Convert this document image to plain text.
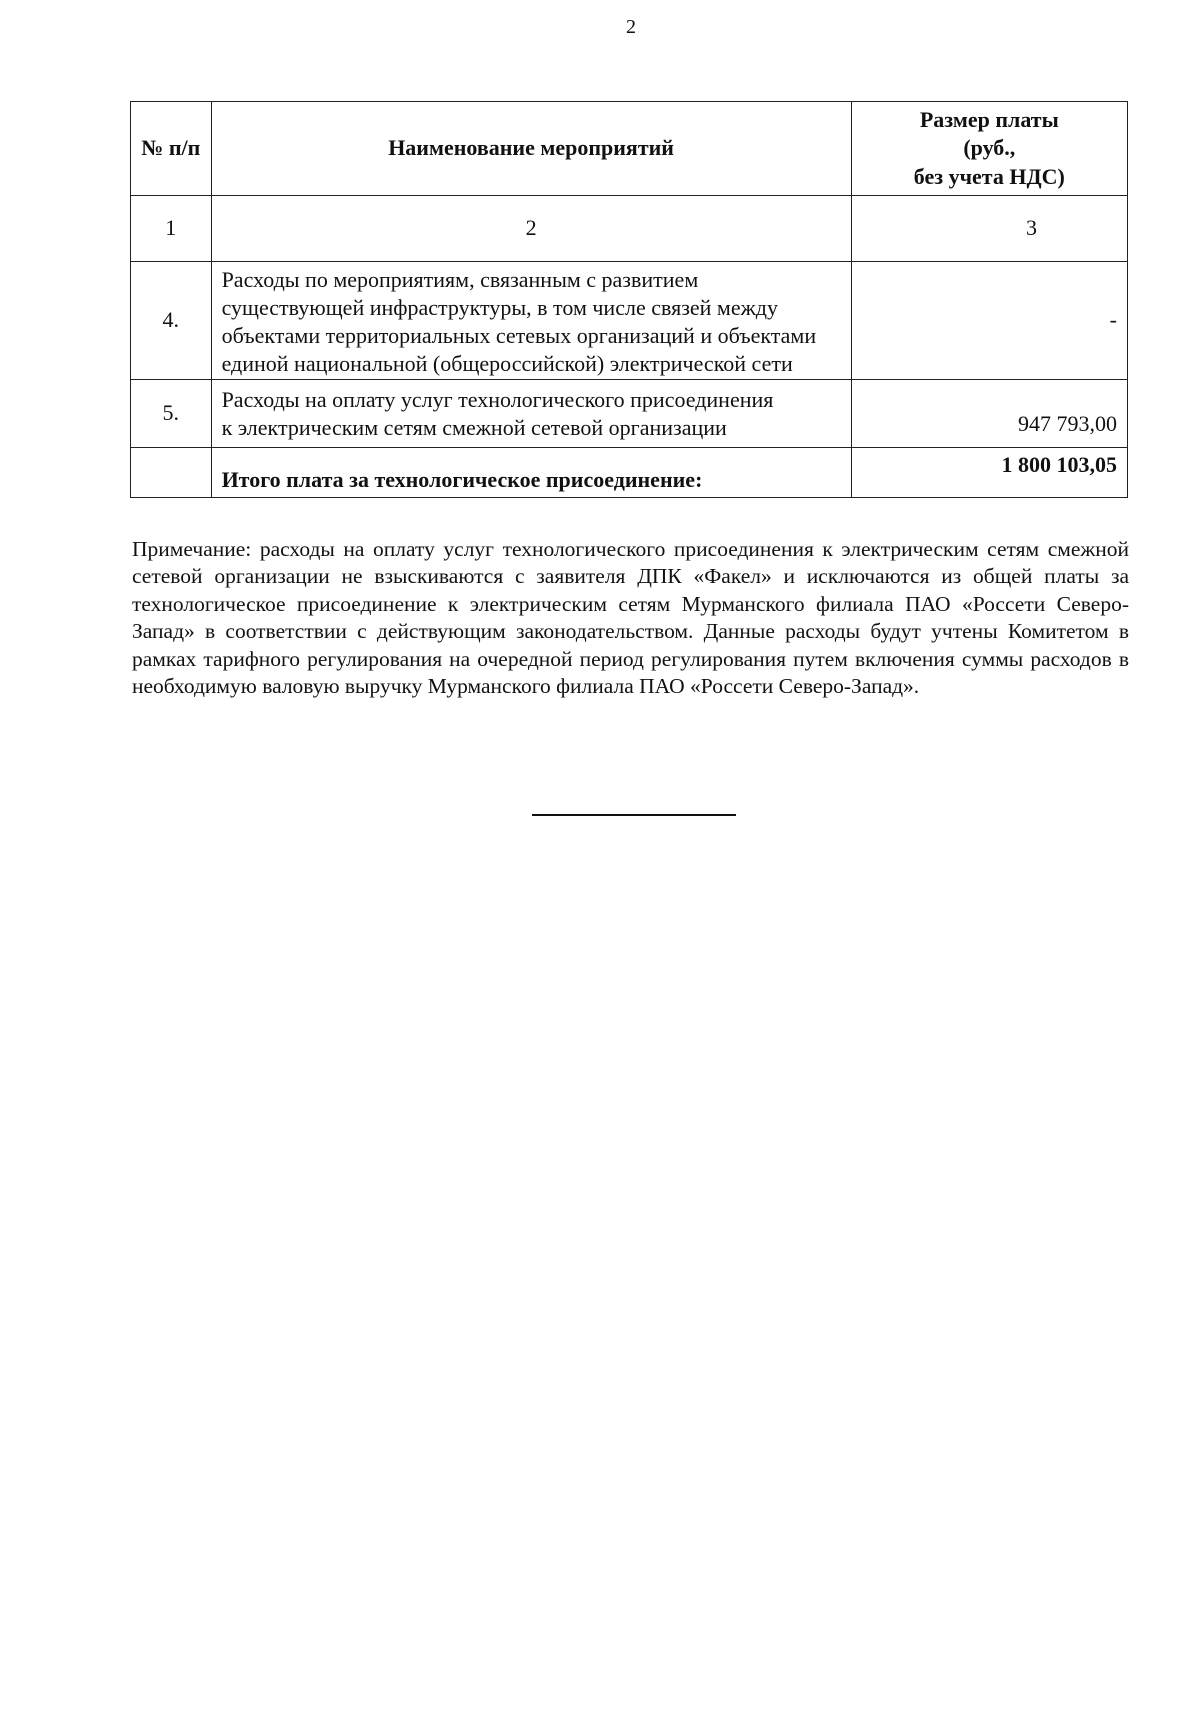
2
№ п/п	Наименование мероприятий	Размер платы
(руб.,
без учета НДС)

1	2	3
4.	Расходы по мероприятиям, связанным с развитием
существующей инфраструктуры, в том числе связей между
объектами территориальных сетевых организаций и объектами
единой национальной (общероссийской) электрической сети	-
5.	Расходы на оплату услуг технологического присоединения
к электрическим сетям смежной сетевой организации	947 793,00
	Итого плата за технологическое присоединение:	1 800 103,05

Примечание: расходы на оплату услуг технологического присоединения к электрическим сетям смежной сетевой организации не взыскиваются с заявителя ДПК «Факел» и исключаются из общей платы за технологическое присоединение к электрическим сетям Мурманского филиала ПАО «Россети Северо-Запад» в соответствии с действующим законодательством. Данные расходы будут учтены Комитетом в рамках тарифного регулирования на очередной период регулирования путем включения суммы расходов в необходимую валовую выручку Мурманского филиала ПАО «Россети Северо-Запад».
